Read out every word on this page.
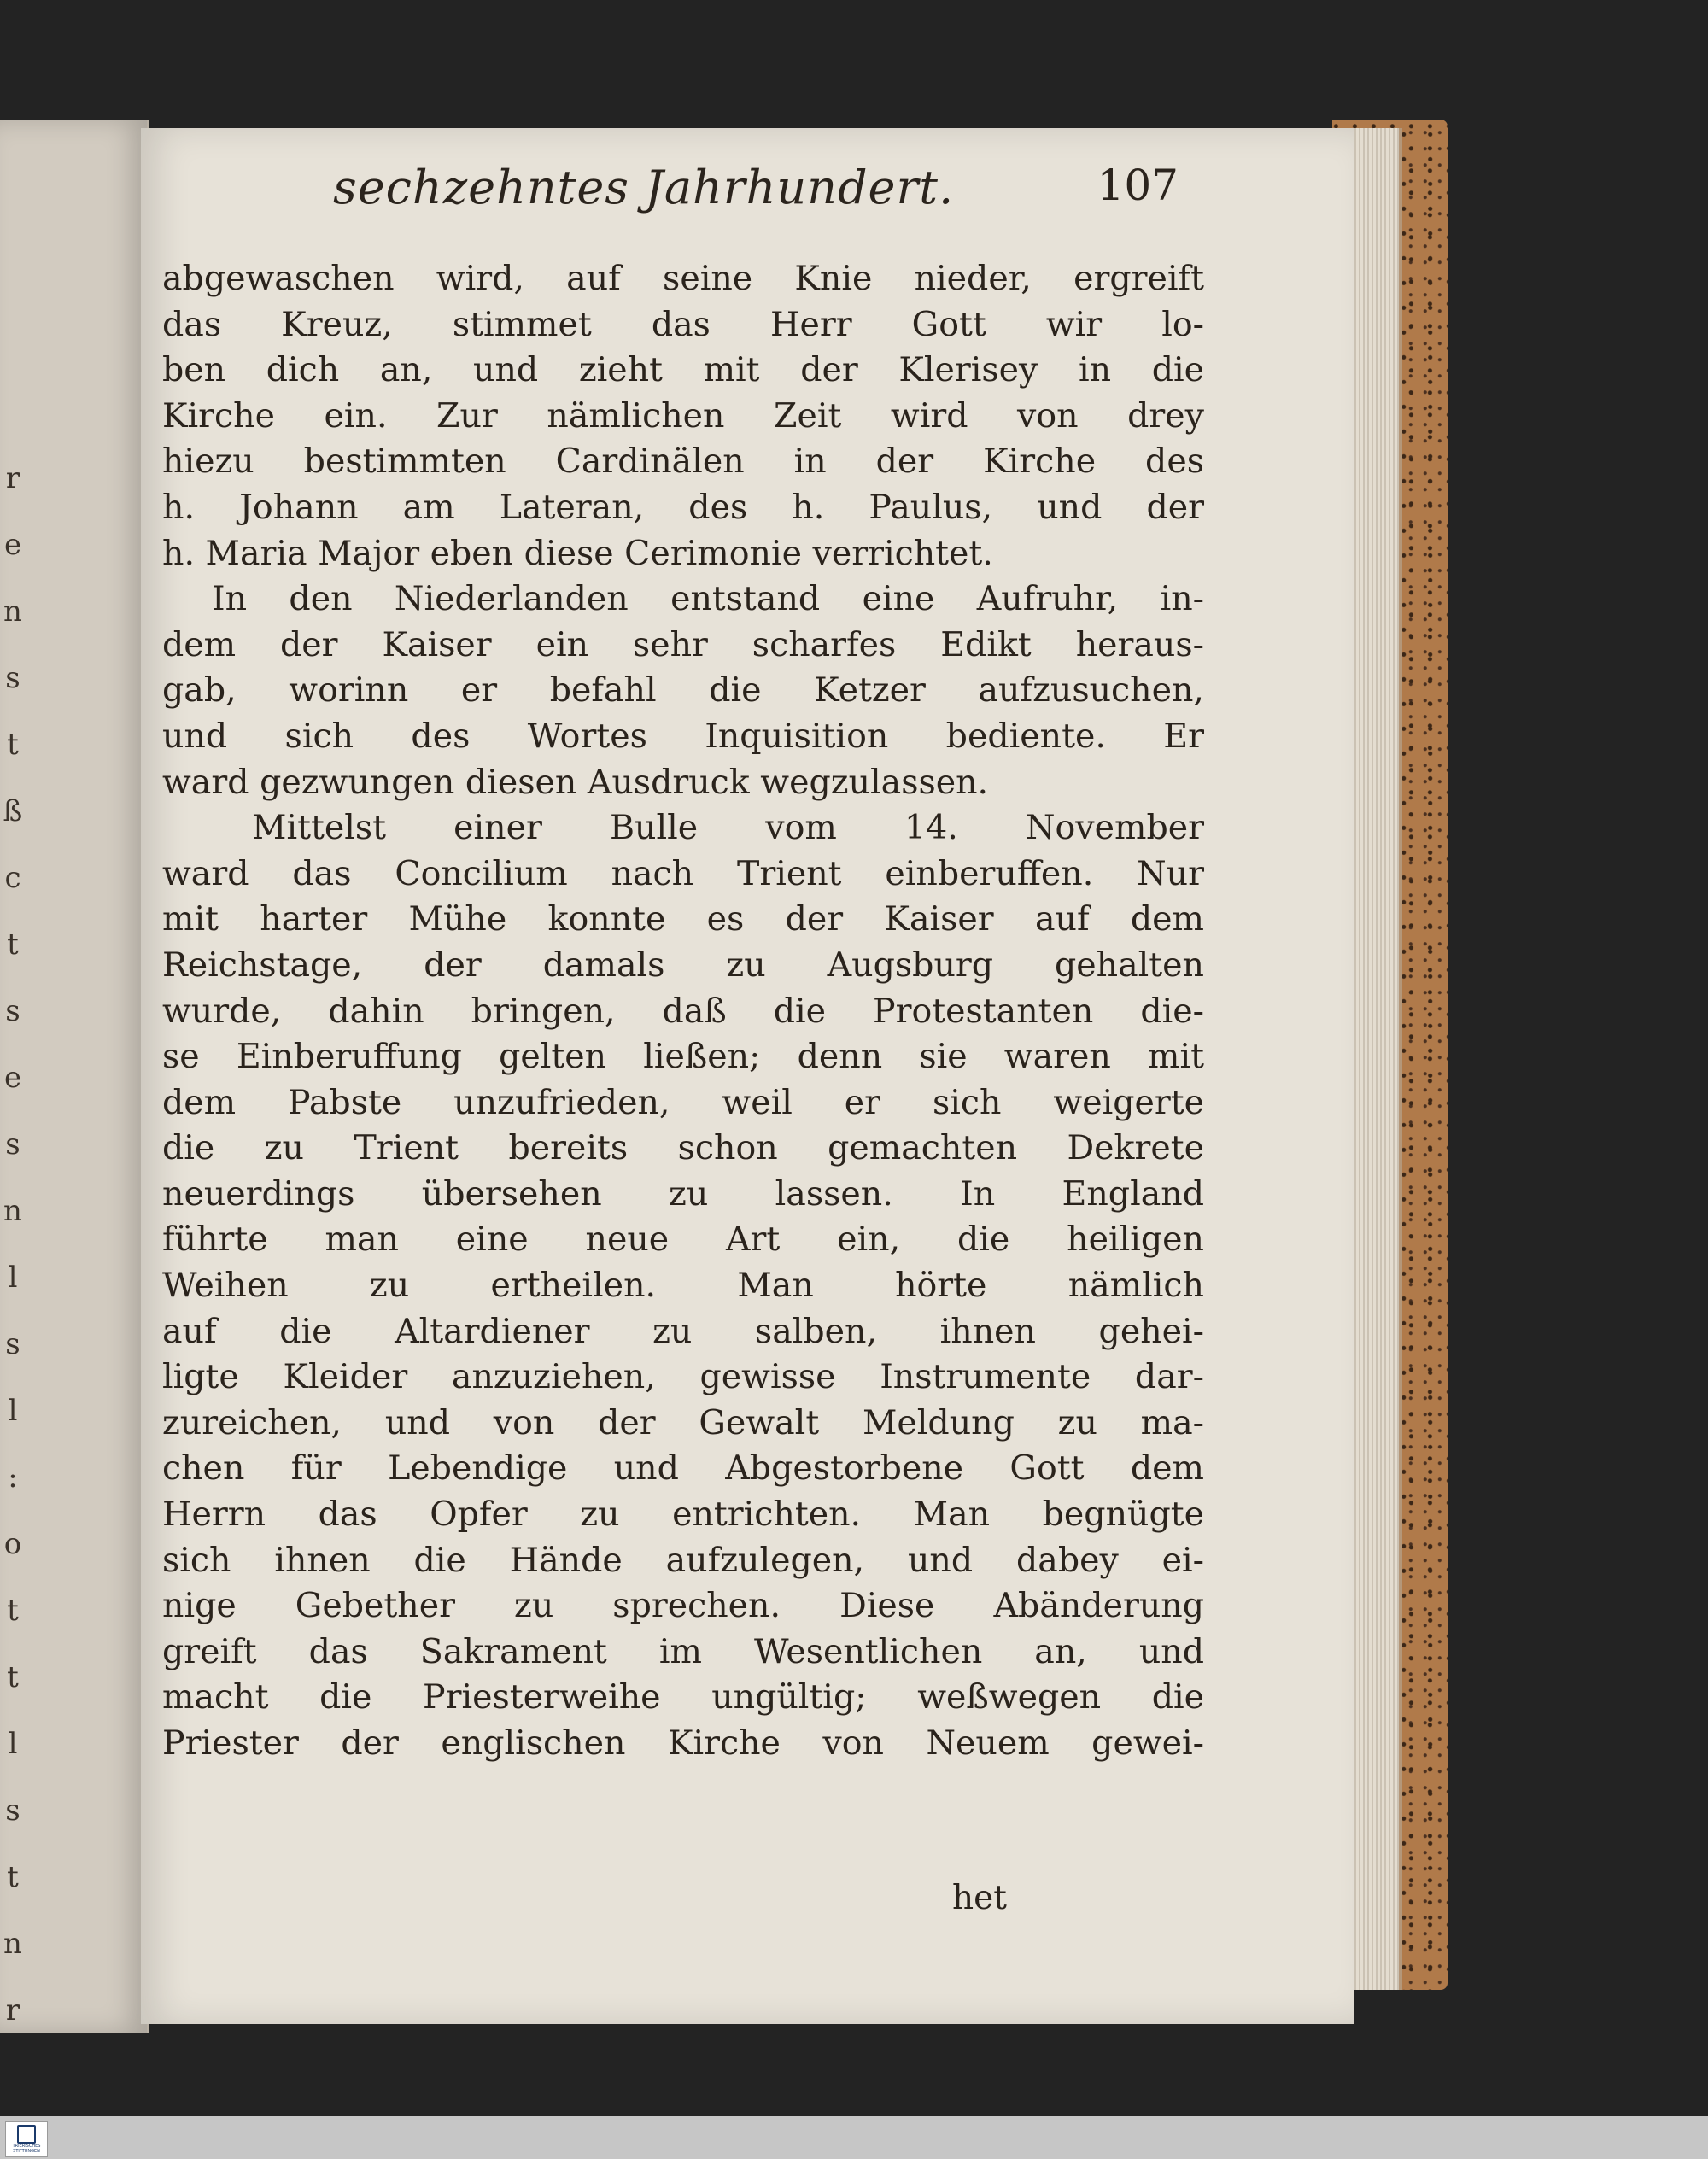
r
e
n
s
t
ß
c
t
s
e
s
n
l
s
l
:
o
t
t
l
s
t
n
r
sechzehntes Jahrhundert.	107
abgewaschen wird, auf seine Knie nieder, ergreift
das Kreuz, stimmet das Herr Gott wir lo-
ben dich an, und zieht mit der Klerisey in die
Kirche ein. Zur nämlichen Zeit wird von drey
hiezu bestimmten Cardinälen in der Kirche des
h. Johann am Lateran, des h. Paulus, und der
h. Maria Major eben diese Cerimonie verrichtet.
In den Niederlanden entstand eine Aufruhr, in-
dem der Kaiser ein sehr scharfes Edikt heraus-
gab, worinn er befahl die Ketzer aufzusuchen,
und sich des Wortes Inquisition bediente. Er
ward gezwungen diesen Ausdruck wegzulassen.
Mittelst einer Bulle vom 14. November
ward das Concilium nach Trient einberuffen. Nur
mit harter Mühe konnte es der Kaiser auf dem
Reichstage, der damals zu Augsburg gehalten
wurde, dahin bringen, daß die Protestanten die-
se Einberuffung gelten ließen; denn sie waren mit
dem Pabste unzufrieden, weil er sich weigerte
die zu Trient bereits schon gemachten Dekrete
neuerdings übersehen zu lassen. In England
führte man eine neue Art ein, die heiligen
Weihen zu ertheilen. Man hörte nämlich
auf die Altardiener zu salben, ihnen gehei-
ligte Kleider anzuziehen, gewisse Instrumente dar-
zureichen, und von der Gewalt Meldung zu ma-
chen für Lebendige und Abgestorbene Gott dem
Herrn das Opfer zu entrichten. Man begnügte
sich ihnen die Hände aufzulegen, und dabey ei-
nige Gebether zu sprechen. Diese Abänderung
greift das Sakrament im Wesentlichen an, und
macht die Priesterweihe ungültig; weßwegen die
Priester der englischen Kirche von Neuem gewei-
het
TRIERISCHES STIFTUNGEN
